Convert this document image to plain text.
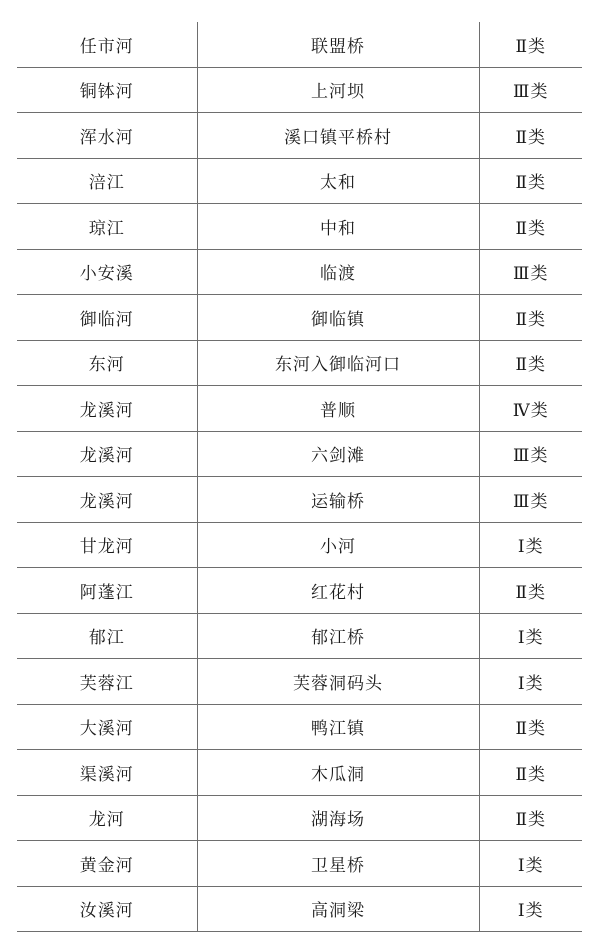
任市河	联盟桥	Ⅱ类
铜钵河	上河坝	Ⅲ类
浑水河	溪口镇平桥村	Ⅱ类
涪江	太和	Ⅱ类
琼江	中和	Ⅱ类
小安溪	临渡	Ⅲ类
御临河	御临镇	Ⅱ类
东河	东河入御临河口	Ⅱ类
龙溪河	普顺	Ⅳ类
龙溪河	六剑滩	Ⅲ类
龙溪河	运输桥	Ⅲ类
甘龙河	小河	Ⅰ类
阿蓬江	红花村	Ⅱ类
郁江	郁江桥	Ⅰ类
芙蓉江	芙蓉洞码头	Ⅰ类
大溪河	鸭江镇	Ⅱ类
渠溪河	木瓜洞	Ⅱ类
龙河	湖海场	Ⅱ类
黄金河	卫星桥	Ⅰ类
汝溪河	高洞梁	Ⅰ类
